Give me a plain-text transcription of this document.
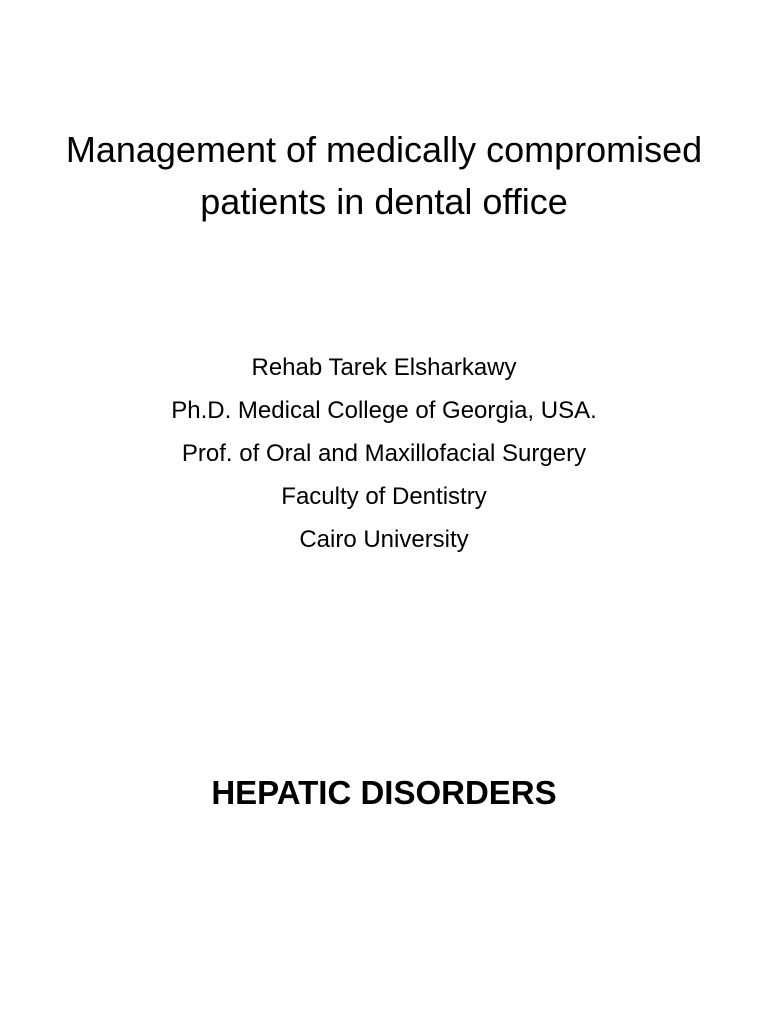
Management of medically compromised
patients in dental office
Rehab Tarek Elsharkawy
Ph.D. Medical College of Georgia, USA.
Prof. of Oral and Maxillofacial Surgery
Faculty of Dentistry
Cairo University
HEPATIC DISORDERS
